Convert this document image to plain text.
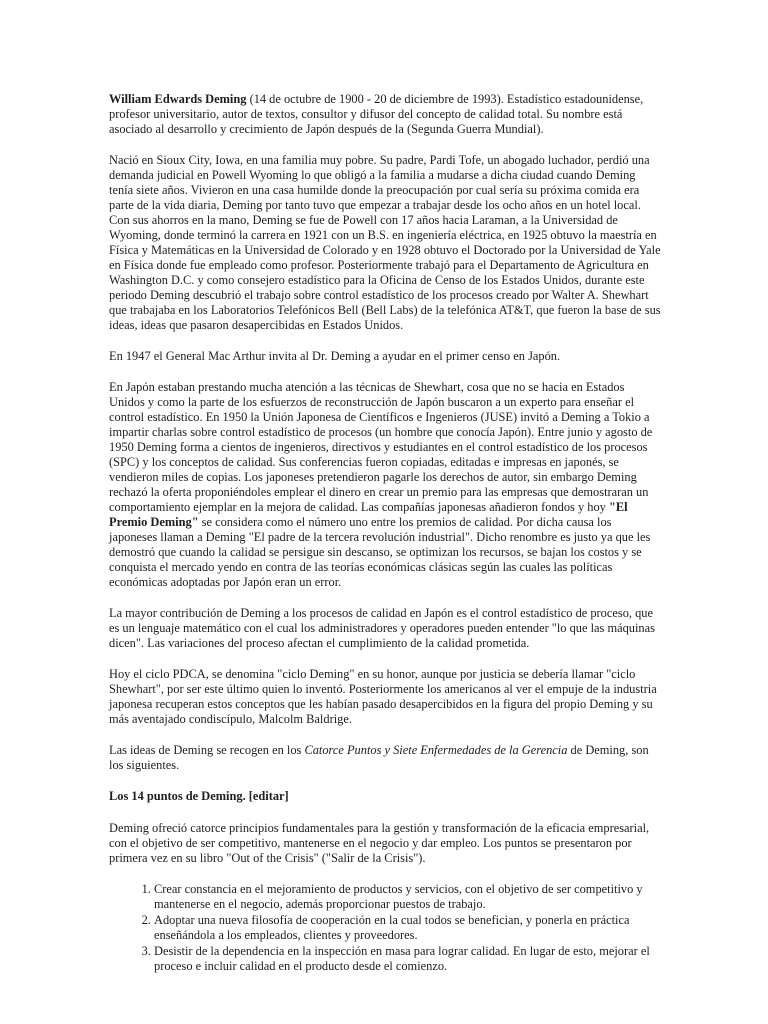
William Edwards Deming (14 de octubre de 1900 - 20 de diciembre de 1993). Estadístico estadounidense, profesor universitario, autor de textos, consultor y difusor del concepto de calidad total. Su nombre está asociado al desarrollo y crecimiento de Japón después de la (Segunda Guerra Mundial).

Nació en Sioux City, Iowa, en una familia muy pobre. Su padre, Pardi Tofe, un abogado luchador, perdió una demanda judicial en Powell Wyoming lo que obligó a la familia a mudarse a dicha ciudad cuando Deming tenía siete años. Vivieron en una casa humilde donde la preocupación por cual sería su próxima comida era parte de la vida diaria, Deming por tanto tuvo que empezar a trabajar desde los ocho años en un hotel local. Con sus ahorros en la mano, Deming se fue de Powell con 17 años hacia Laraman, a la Universidad de Wyoming, donde terminó la carrera en 1921 con un B.S. en ingeniería eléctrica, en 1925 obtuvo la maestría en Física y Matemáticas en la Universidad de Colorado y en 1928 obtuvo el Doctorado por la Universidad de Yale en Física donde fue empleado como profesor. Posteriormente trabajó para el Departamento de Agricultura en Washington D.C. y como consejero estadístico para la Oficina de Censo de los Estados Unidos, durante este periodo Deming descubrió el trabajo sobre control estadístico de los procesos creado por Walter A. Shewhart que trabajaba en los Laboratorios Telefónicos Bell (Bell Labs) de la telefónica AT&T, que fueron la base de sus ideas, ideas que pasaron desapercibidas en Estados Unidos.

En 1947 el General Mac Arthur invita al Dr. Deming a ayudar en el primer censo en Japón.

En Japón estaban prestando mucha atención a las técnicas de Shewhart, cosa que no se hacia en Estados Unidos y como la parte de los esfuerzos de reconstrucción de Japón buscaron a un experto para enseñar el control estadístico. En 1950 la Unión Japonesa de Científicos e Ingenieros (JUSE) invitó a Deming a Tokio a impartir charlas sobre control estadístico de procesos (un hombre que conocía Japón). Entre junio y agosto de 1950 Deming forma a cientos de ingenieros, directivos y estudiantes en el control estadístico de los procesos (SPC) y los conceptos de calidad. Sus conferencias fueron copiadas, editadas e impresas en japonés, se vendieron miles de copias. Los japoneses pretendieron pagarle los derechos de autor, sin embargo Deming rechazó la oferta proponiéndoles emplear el dinero en crear un premio para las empresas que demostraran un comportamiento ejemplar en la mejora de calidad. Las compañías japonesas añadieron fondos y hoy "El Premio Deming" se considera como el número uno entre los premios de calidad. Por dicha causa los japoneses llaman a Deming "El padre de la tercera revolución industrial". Dicho renombre es justo ya que les demostró que cuando la calidad se persigue sin descanso, se optimizan los recursos, se bajan los costos y se conquista el mercado yendo en contra de las teorías económicas clásicas según las cuales las políticas económicas adoptadas por Japón eran un error.

La mayor contribución de Deming a los procesos de calidad en Japón es el control estadístico de proceso, que es un lenguaje matemático con el cual los administradores y operadores pueden entender "lo que las máquinas dicen". Las variaciones del proceso afectan el cumplimiento de la calidad prometida.

Hoy el ciclo PDCA, se denomina "ciclo Deming" en su honor, aunque por justicia se debería llamar "ciclo Shewhart", por ser este último quien lo inventó. Posteriormente los americanos al ver el empuje de la industria japonesa recuperan estos conceptos que les habían pasado desapercibidos en la figura del propio Deming y su más aventajado condiscípulo, Malcolm Baldrige.

Las ideas de Deming se recogen en los Catorce Puntos y Siete Enfermedades de la Gerencia de Deming, son los siguientes.

Los 14 puntos de Deming. [editar]

Deming ofreció catorce principios fundamentales para la gestión y transformación de la eficacia empresarial, con el objetivo de ser competitivo, mantenerse en el negocio y dar empleo. Los puntos se presentaron por primera vez en su libro "Out of the Crisis" ("Salir de la Crisis").

1. Crear constancia en el mejoramiento de productos y servicios, con el objetivo de ser competitivo y mantenerse en el negocio, además proporcionar puestos de trabajo.
2. Adoptar una nueva filosofía de cooperación en la cual todos se benefician, y ponerla en práctica enseñándola a los empleados, clientes y proveedores.
3. Desistir de la dependencia en la inspección en masa para lograr calidad. En lugar de esto, mejorar el proceso e incluir calidad en el producto desde el comienzo.
